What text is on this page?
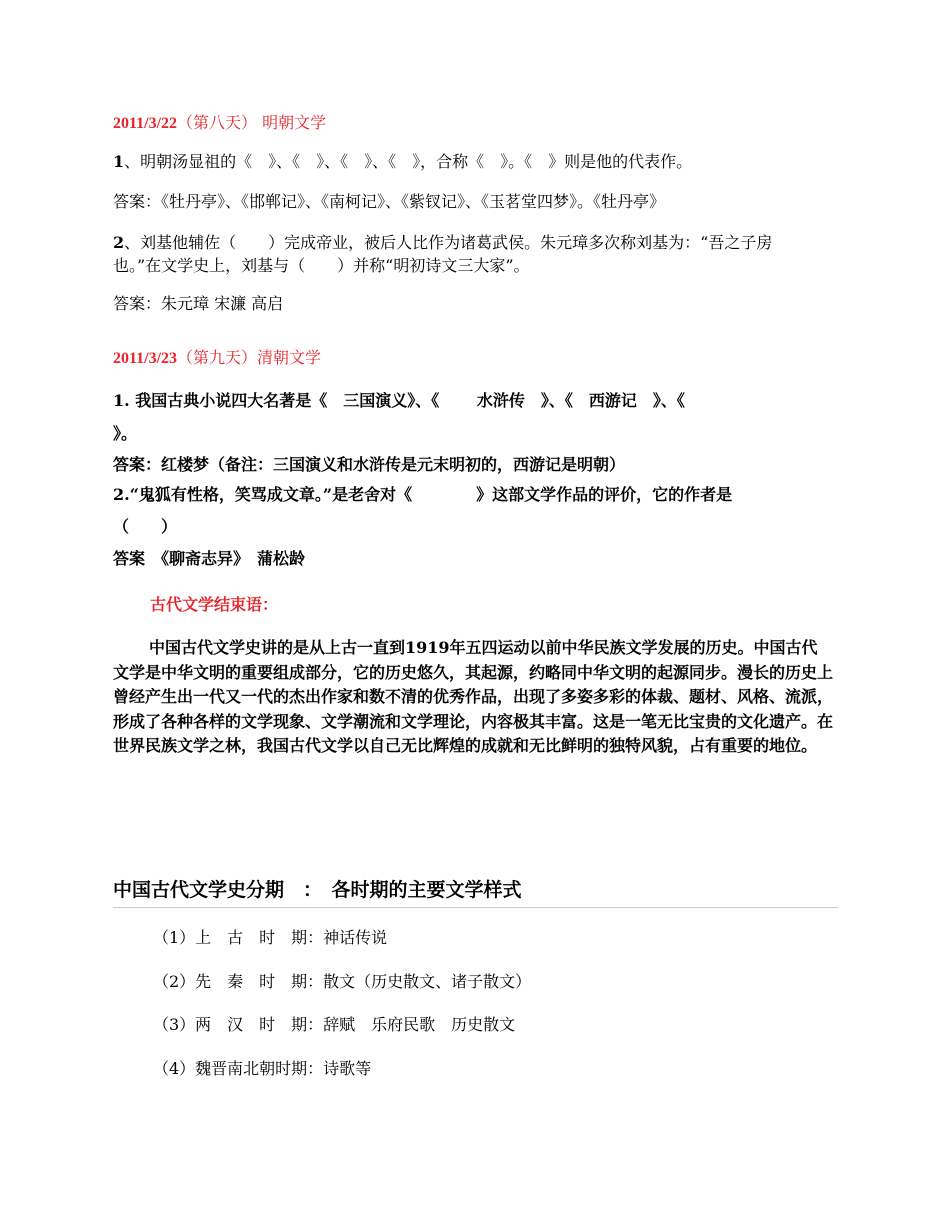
2011/3/22（第八天） 明朝文学
1、明朝汤显祖的《　》、《　》、《　》、《　》，合称《　》。《　》则是他的代表作。
答案：《牡丹亭》、《邯郸记》、《南柯记》、《紫钗记》、《玉茗堂四梦》。《牡丹亭》
2、刘基他辅佐（　　）完成帝业，被后人比作为诸葛武侯。朱元璋多次称刘基为：“吾之子房
也。”在文学史上，刘基与（　　）并称“明初诗文三大家”。
答案：朱元璋 宋濂 高启
2011/3/23（第九天）清朝文学
1. 我国古典小说四大名著是《　三国演义》、《　　 水浒传　》、《　西游记　》、《
》。
答案：红楼梦（备注：三国演义和水浒传是元末明初的，西游记是明朝）
2.“鬼狐有性格，笑骂成文章。”是老舍对《　　　　》这部文学作品的评价，它的作者是
（　　）
答案　《聊斋志异》　蒲松龄
古代文学结束语：
中国古代文学史讲的是从上古一直到1919年五四运动以前中华民族文学发展的历史。中国古代文学是中华文明的重要组成部分，它的历史悠久，其起源，约略同中华文明的起源同步。漫长的历史上曾经产生出一代又一代的杰出作家和数不清的优秀作品，出现了多姿多彩的体裁、题材、风格、流派，形成了各种各样的文学现象、文学潮流和文学理论，内容极其丰富。这是一笔无比宝贵的文化遗产。在世界民族文学之林，我国古代文学以自己无比辉煌的成就和无比鲜明的独特风貌，占有重要的地位。
中国古代文学史分期　：　各时期的主要文学样式
（1）上　古　时　期：神话传说
（2）先　秦　时　期：散文（历史散文、诸子散文）
（3）两　汉　时　期：辞赋　乐府民歌　历史散文
（4）魏晋南北朝时期：诗歌等
